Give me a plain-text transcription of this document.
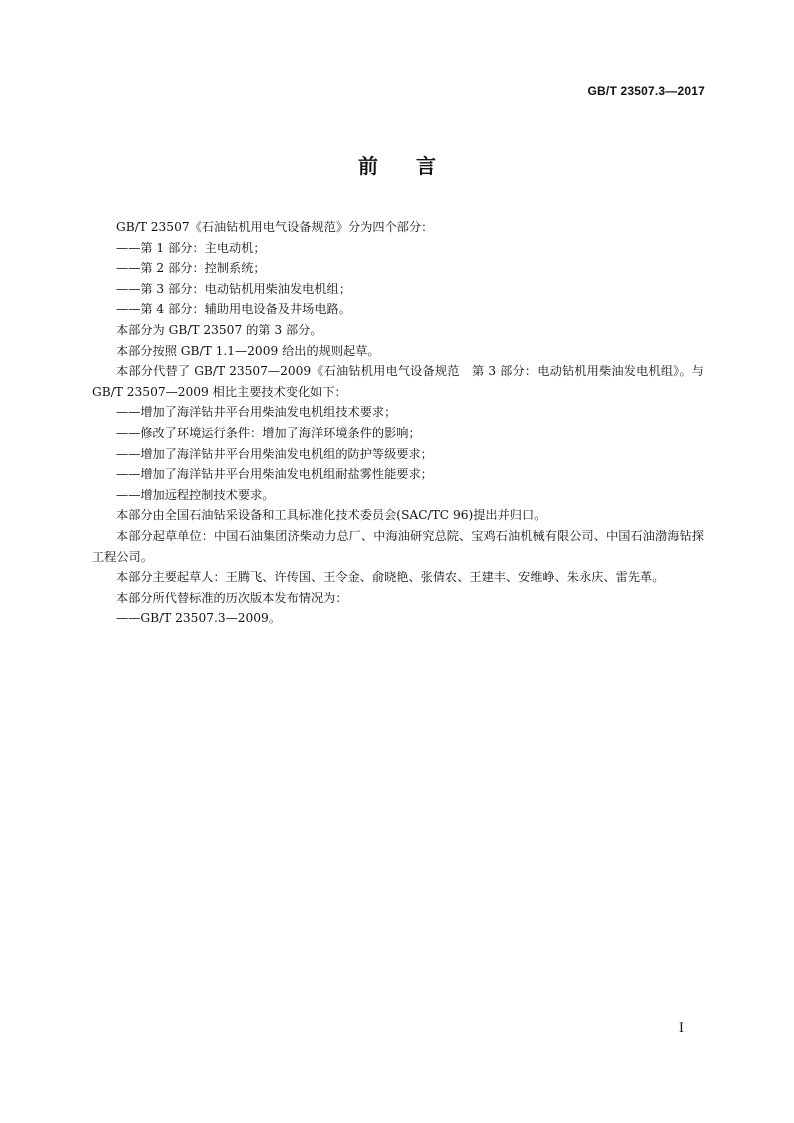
GB/T 23507.3—2017
前言

GB/T 23507《石油钻机用电气设备规范》分为四个部分：

——第 1 部分：主电动机；

——第 2 部分：控制系统；

——第 3 部分：电动钻机用柴油发电机组；

——第 4 部分：辅助用电设备及井场电路。

本部分为 GB/T 23507 的第 3 部分。

本部分按照 GB/T 1.1—2009 给出的规则起草。

本部分代替了 GB/T 23507—2009《石油钻机用电气设备规范　第 3 部分：电动钻机用柴油发电机组》。与 GB/T 23507—2009 相比主要技术变化如下：

——增加了海洋钻井平台用柴油发电机组技术要求；

——修改了环境运行条件：增加了海洋环境条件的影响；

——增加了海洋钻井平台用柴油发电机组的防护等级要求；

——增加了海洋钻井平台用柴油发电机组耐盐雾性能要求；

——增加远程控制技术要求。

本部分由全国石油钻采设备和工具标准化技术委员会(SAC/TC 96)提出并归口。

本部分起草单位：中国石油集团济柴动力总厂、中海油研究总院、宝鸡石油机械有限公司、中国石油渤海钻探工程公司。

本部分主要起草人：王腾飞、许传国、王令金、俞晓艳、张倩农、王建丰、安维峥、朱永庆、雷先革。

本部分所代替标准的历次版本发布情况为：

——GB/T 23507.3—2009。

I
